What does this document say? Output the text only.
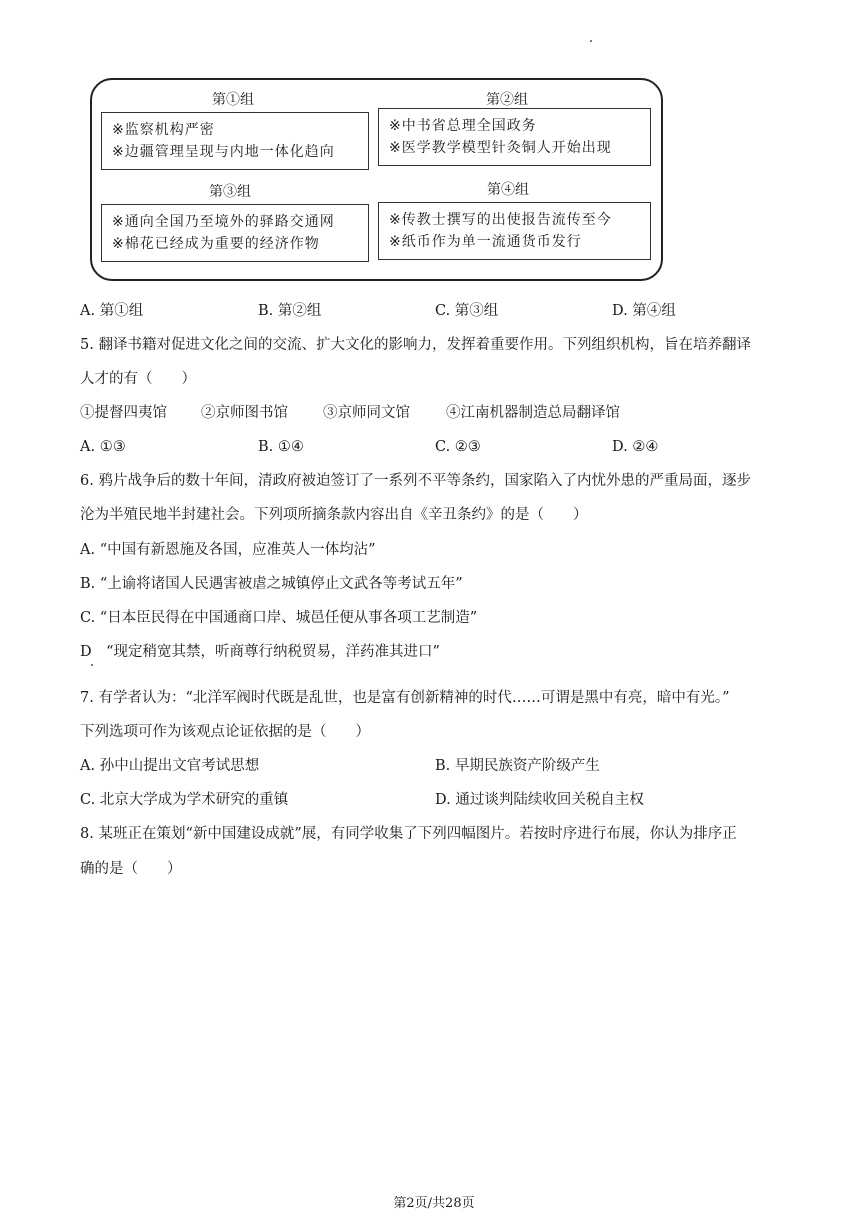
第①组	第②组
※监察机构严密
※边疆管理呈现与内地一体化趋向
※中书省总理全国政务
※医学教学模型针灸铜人开始出现
第③组	第④组
※通向全国乃至境外的驿路交通网
※棉花已经成为重要的经济作物
※传教士撰写的出使报告流传至今
※纸币作为单一流通货币发行
A. 第①组	B. 第②组	C. 第③组	D. 第④组
5. 翻译书籍对促进文化之间的交流、扩大文化的影响力，发挥着重要作用。下列组织机构，旨在培养翻译
人才的有（　　）
①提督四夷馆 ②京师图书馆 ③京师同文馆 ④江南机器制造总局翻译馆
A. ①③	B. ①④	C. ②③	D. ②④
6. 鸦片战争后的数十年间，清政府被迫签订了一系列不平等条约，国家陷入了内忧外患的严重局面，逐步
沦为半殖民地半封建社会。下列项所摘条款内容出自《辛丑条约》的是（　　）
A. “中国有新恩施及各国，应准英人一体均沾”
B. “上谕将诸国人民遇害被虐之城镇停止文武各等考试五年”
C. “日本臣民得在中国通商口岸、城邑任便从事各项工艺制造”
D　“现定稍宽其禁，听商尊行纳税贸易，洋药准其进口”
7. 有学者认为：“北洋军阀时代既是乱世，也是富有创新精神的时代……可谓是黑中有亮，暗中有光。”
下列选项可作为该观点论证依据的是（　　）
A. 孙中山提出文官考试思想	B. 早期民族资产阶级产生
C. 北京大学成为学术研究的重镇	D. 通过谈判陆续收回关税自主权
8. 某班正在策划“新中国建设成就”展，有同学收集了下列四幅图片。若按时序进行布展，你认为排序正
确的是（　　）
第2页/共28页
